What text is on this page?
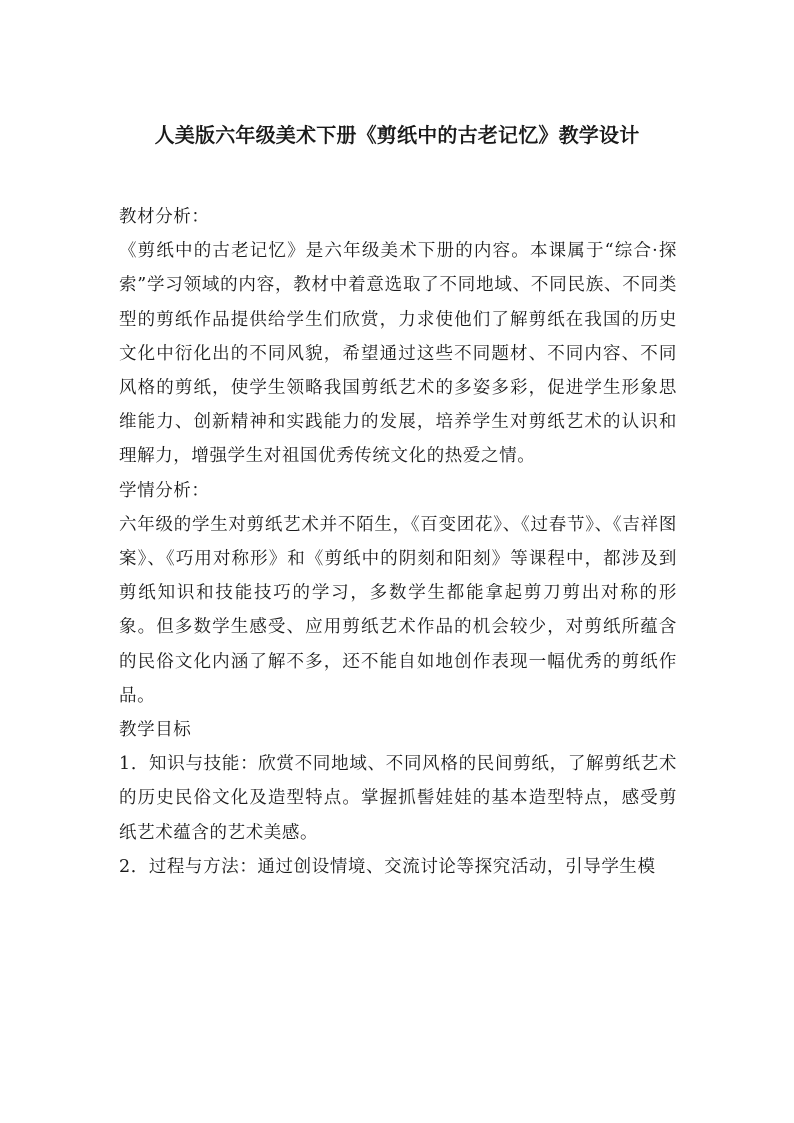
人美版六年级美术下册《剪纸中的古老记忆》教学设计

教材分析：

《剪纸中的古老记忆》是六年级美术下册的内容。本课属于“综合·探索”学习领域的内容，教材中着意选取了不同地域、不同民族、不同类型的剪纸作品提供给学生们欣赏，力求使他们了解剪纸在我国的历史文化中衍化出的不同风貌，希望通过这些不同题材、不同内容、不同风格的剪纸，使学生领略我国剪纸艺术的多姿多彩，促进学生形象思维能力、创新精神和实践能力的发展，培养学生对剪纸艺术的认识和理解力，增强学生对祖国优秀传统文化的热爱之情。

学情分析：

六年级的学生对剪纸艺术并不陌生，《百变团花》、《过春节》、《吉祥图案》、《巧用对称形》和《剪纸中的阴刻和阳刻》等课程中，都涉及到剪纸知识和技能技巧的学习，多数学生都能拿起剪刀剪出对称的形象。但多数学生感受、应用剪纸艺术作品的机会较少，对剪纸所蕴含的民俗文化内涵了解不多，还不能自如地创作表现一幅优秀的剪纸作品。

教学目标

1．知识与技能：欣赏不同地域、不同风格的民间剪纸，了解剪纸艺术的历史民俗文化及造型特点。掌握抓髻娃娃的基本造型特点，感受剪纸艺术蕴含的艺术美感。

2．过程与方法：通过创设情境、交流讨论等探究活动，引导学生模
